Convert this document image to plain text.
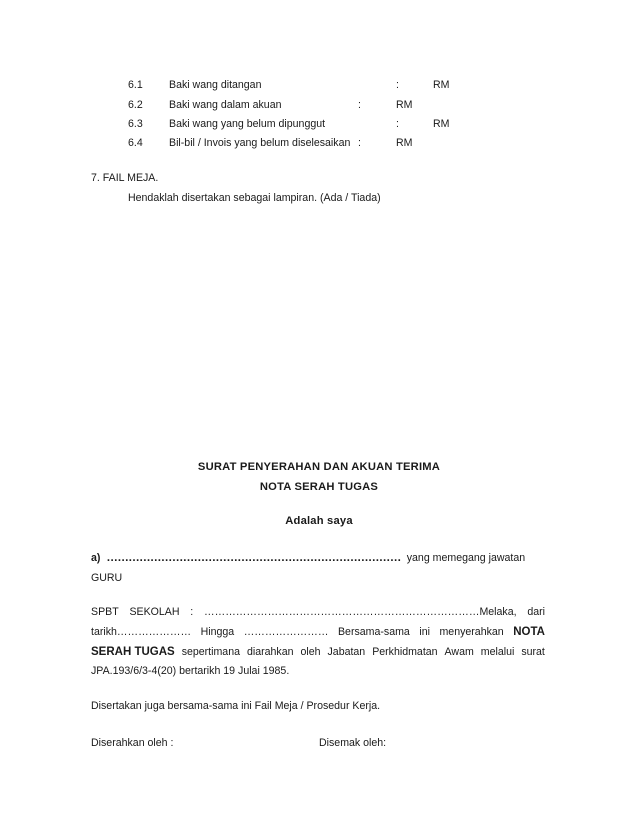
6.1 Baki wang ditangan	:	RM
6.2 Baki wang dalam akuan	:	RM
6.3 Baki wang yang belum dipunggut	:	RM
6.4 Bil-bil / Invois yang belum diselesaikan :	RM
7. FAIL MEJA.
Hendaklah disertakan sebagai lampiran. (Ada / Tiada)
SURAT PENYERAHAN DAN AKUAN TERIMA
NOTA SERAH TUGAS
Adalah saya
a) ……………………………………………………………………… yang memegang jawatan
GURU
SPBT SEKOLAH : ……………………………………………………………………Melaka, dari
tarikh………………… Hingga …………………… Bersama-sama ini menyerahkan NOTA
SERAH TUGAS sepertimana diarahkan oleh Jabatan Perkhidmatan Awam melalui surat
JPA.193/6/3-4(20) bertarikh 19 Julai 1985.
Disertakan juga bersama-sama ini Fail Meja / Prosedur Kerja.
Diserahkan oleh :	Disemak oleh:
